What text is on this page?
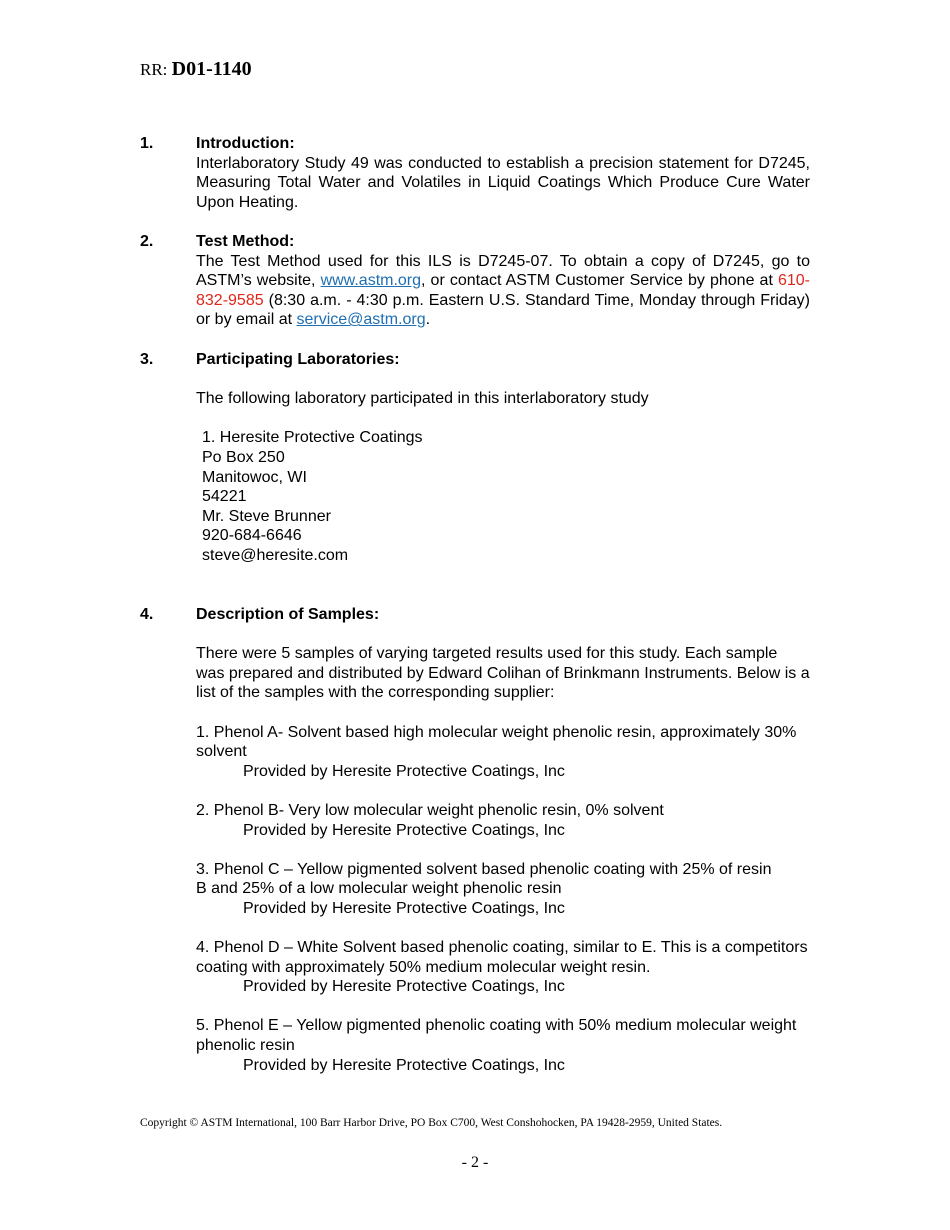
RR: D01-1140
1.	Introduction:

Interlaboratory Study 49 was conducted to establish a precision statement for D7245, Measuring Total Water and Volatiles in Liquid Coatings Which Produce Cure Water Upon Heating.

2.	Test Method:

The Test Method used for this ILS is D7245-07. To obtain a copy of D7245, go to ASTM’s website, www.astm.org, or contact ASTM Customer Service by phone at 610-832-9585 (8:30 a.m. - 4:30 p.m. Eastern U.S. Standard Time, Monday through Friday) or by email at service@astm.org.

3.	Participating Laboratories:

The following laboratory participated in this interlaboratory study

1. Heresite Protective Coatings

Po Box 250

Manitowoc, WI

54221

Mr. Steve Brunner

920-684-6646

steve@heresite.com

4.	Description of Samples:

There were 5 samples of varying targeted results used for this study. Each sample was prepared and distributed by Edward Colihan of Brinkmann Instruments. Below is a list of the samples with the corresponding supplier:

1. Phenol A- Solvent based high molecular weight phenolic resin, approximately 30% solvent

Provided by Heresite Protective Coatings, Inc

2. Phenol B- Very low molecular weight phenolic resin, 0% solvent

Provided by Heresite Protective Coatings, Inc

3. Phenol C – Yellow pigmented solvent based phenolic coating with 25% of resin B and 25% of a low molecular weight phenolic resin

Provided by Heresite Protective Coatings, Inc

4. Phenol D – White Solvent based phenolic coating, similar to E. This is a competitors coating with approximately 50% medium molecular weight resin.

Provided by Heresite Protective Coatings, Inc

5. Phenol E – Yellow pigmented phenolic coating with 50% medium molecular weight phenolic resin

Provided by Heresite Protective Coatings, Inc

Copyright © ASTM International, 100 Barr Harbor Drive, PO Box C700, West Conshohocken, PA 19428-2959, United States.
- 2 -
